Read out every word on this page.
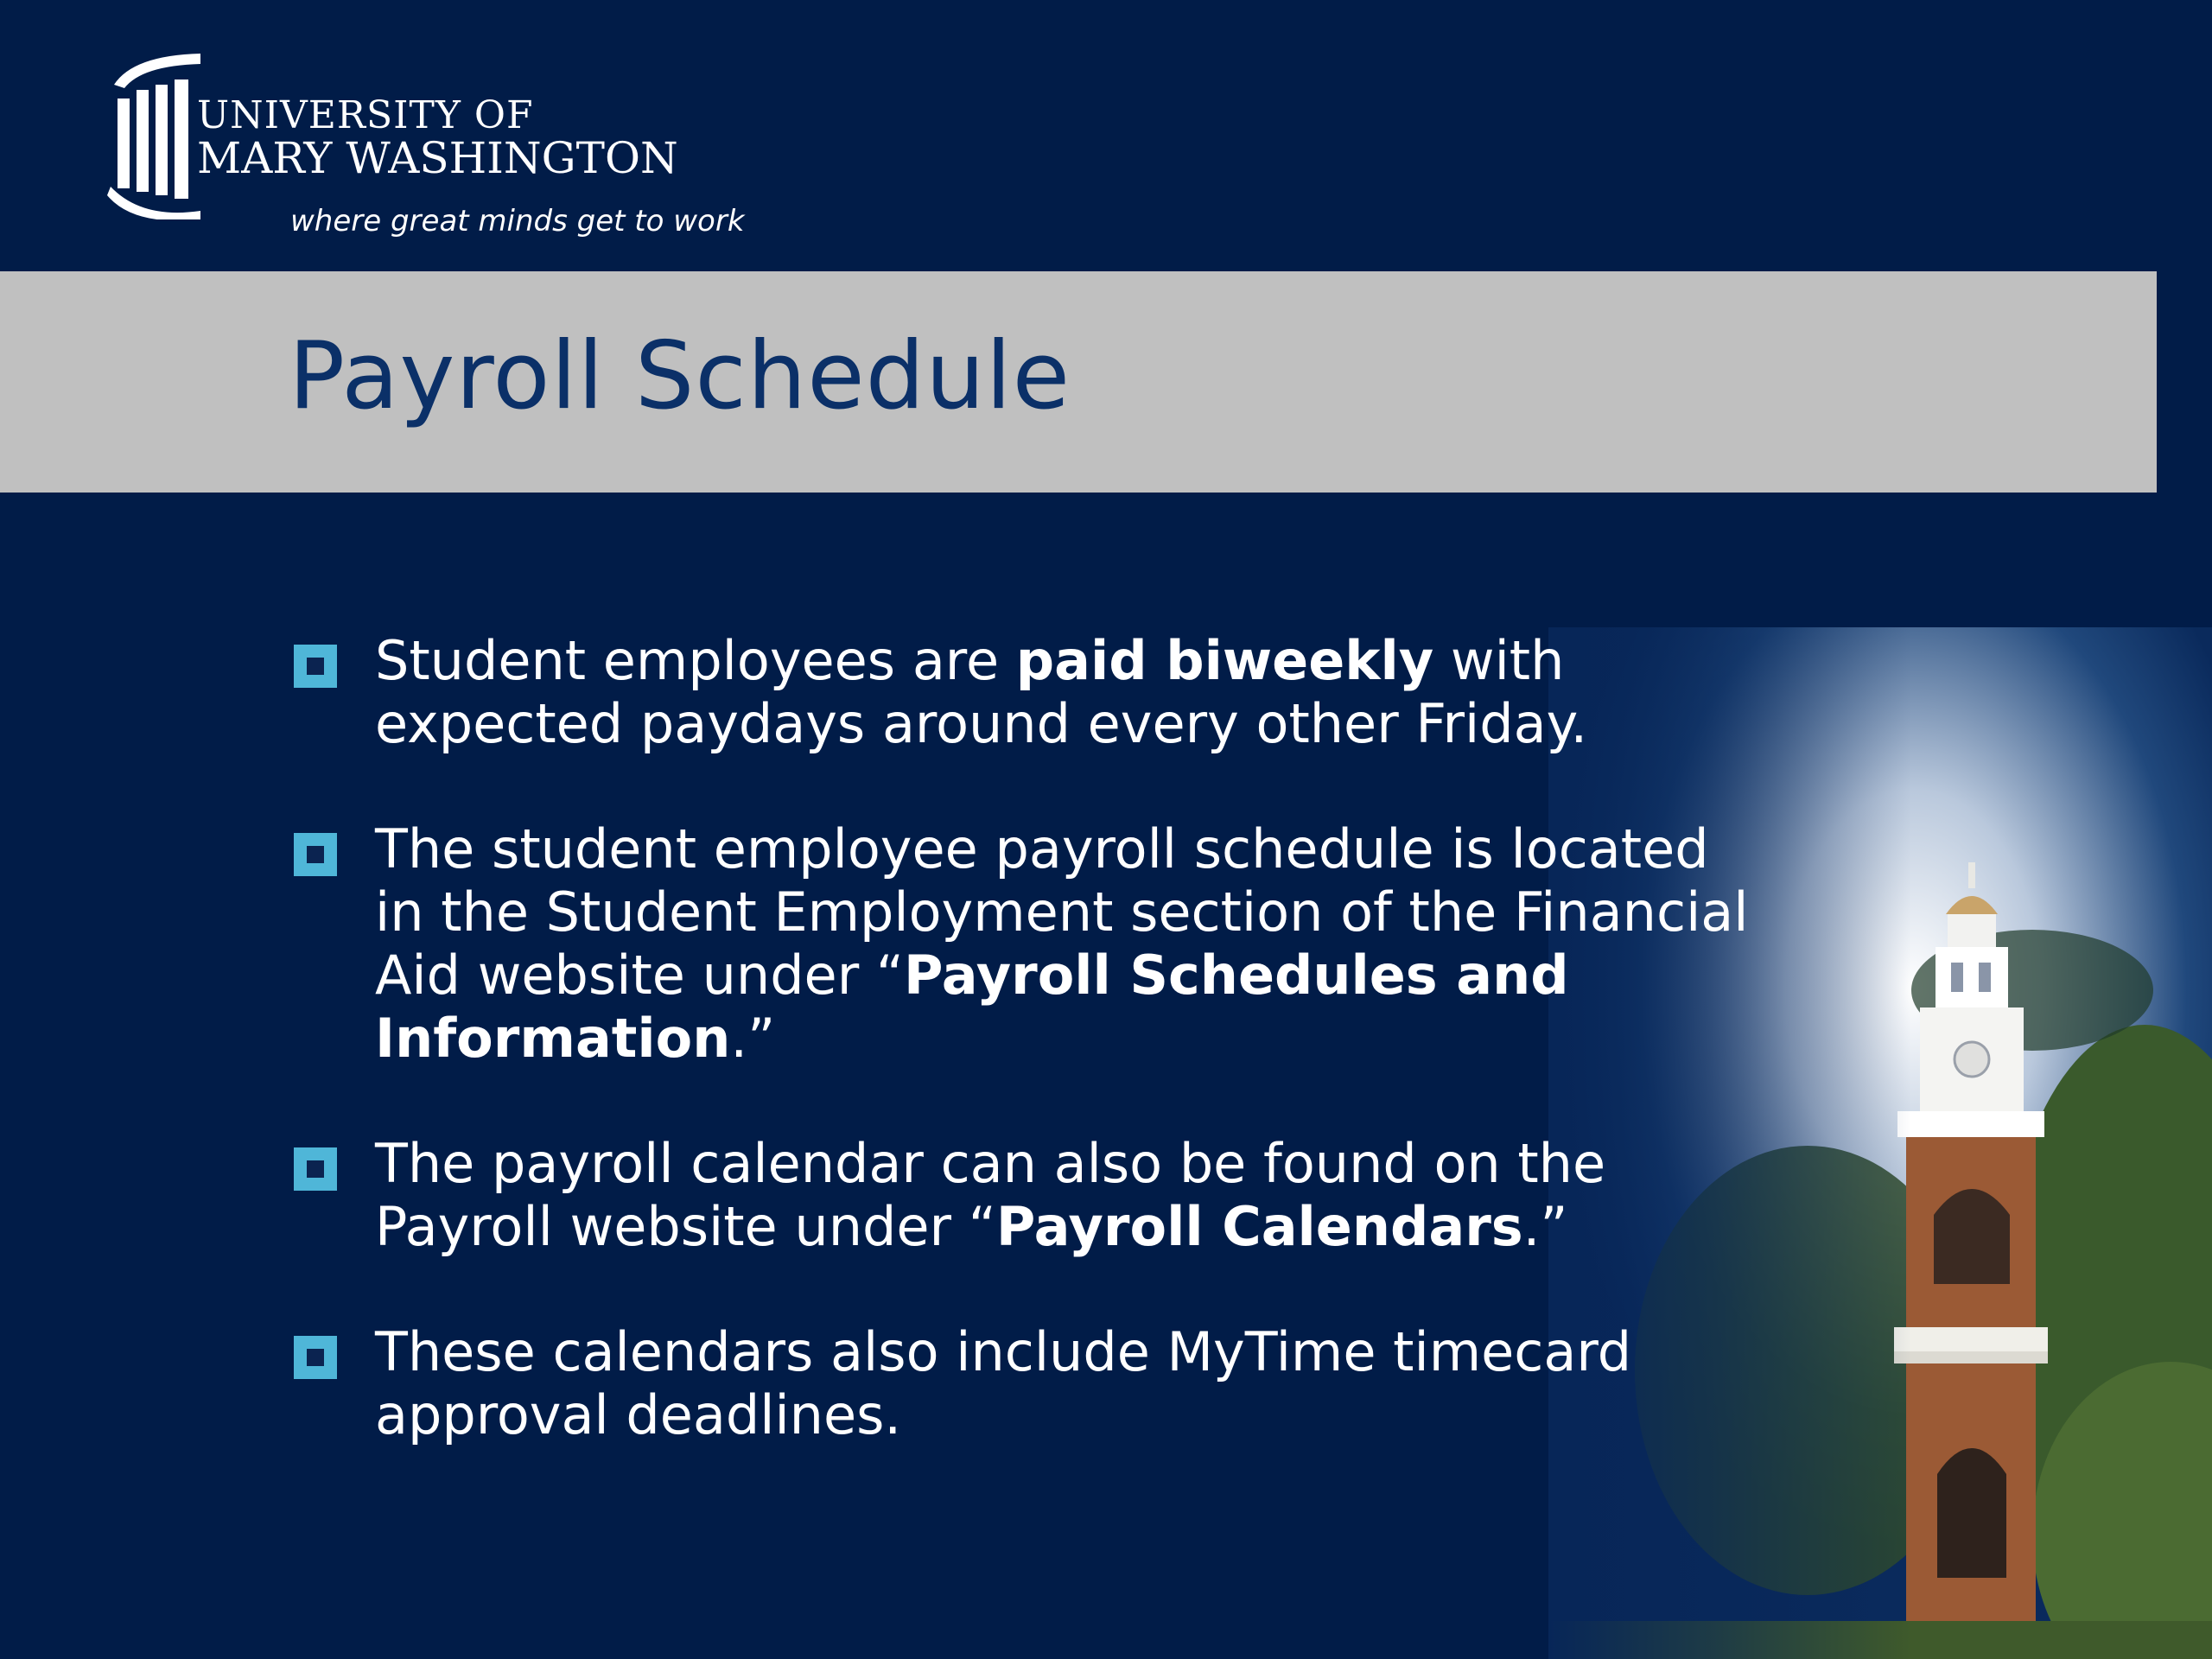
UNIVERSITY OF
MARY WASHINGTON
where great minds get to work
Payroll Schedule
Student employees are paid biweekly with expected paydays around every other Friday.
The student employee payroll schedule is located in the Student Employment section of the Financial Aid website under “Payroll Schedules and Information.”
The payroll calendar can also be found on the Payroll website under “Payroll Calendars.”
These calendars also include MyTime timecard approval deadlines.
